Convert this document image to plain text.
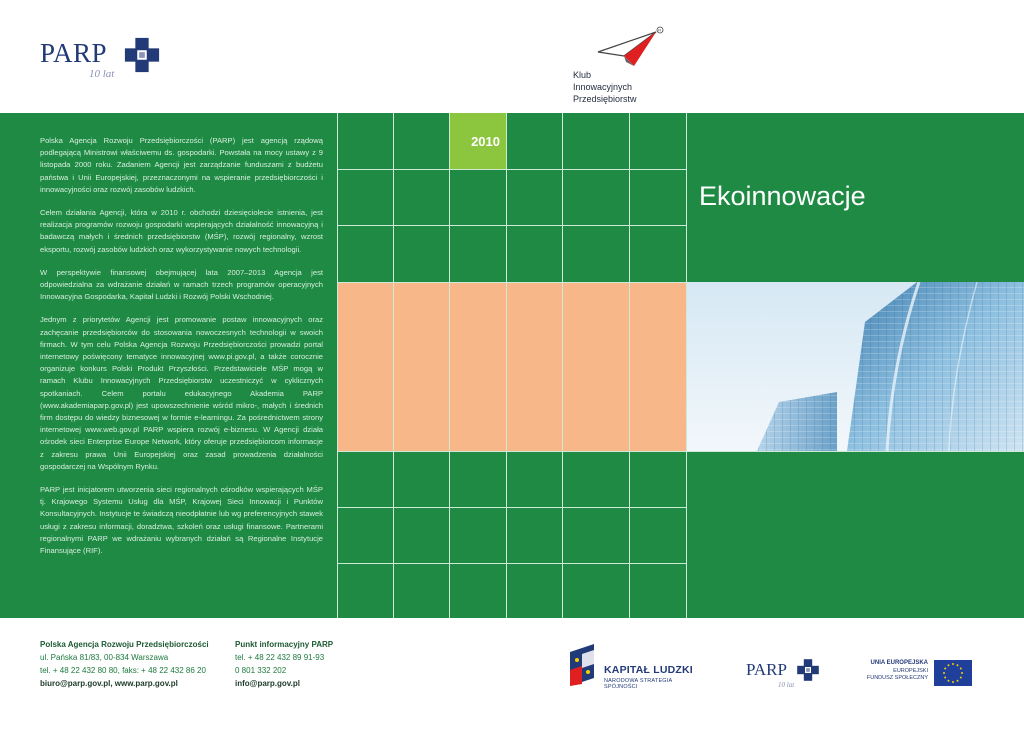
PARP
10 lat
R
Klub
Innowacyjnych
Przedsiębiorstw

Polska Agencja Rozwoju Przedsiębiorczości (PARP) jest agencją rządową podlegającą Ministrowi właściwemu ds. gospodarki. Powstała na mocy ustawy z 9 listopada 2000 roku. Zadaniem Agencji jest zarządzanie funduszami z budżetu państwa i Unii Europejskiej, przeznaczonymi na wspieranie przedsiębiorczości i innowacyjności oraz rozwój zasobów ludzkich.

Celem działania Agencji, która w 2010 r. obchodzi dziesięciolecie istnienia, jest realizacja programów rozwoju gospodarki wspierających działalność innowacyjną i badawczą małych i średnich przedsiębiorstw (MŚP), rozwój regionalny, wzrost eksportu, rozwój zasobów ludzkich oraz wykorzystywanie nowych technologii.

W perspektywie finansowej obejmującej lata 2007–2013 Agencja jest odpowiedzialna za wdrażanie działań w ramach trzech programów operacyjnych Innowacyjna Gospodarka, Kapitał Ludzki i Rozwój Polski Wschodniej.

Jednym z priorytetów Agencji jest promowanie postaw innowacyjnych oraz zachęcanie przedsiębiorców do stosowania nowoczesnych technologii w swoich firmach. W tym celu Polska Agencja Rozwoju Przedsiębiorczości prowadzi portal internetowy poświęcony tematyce innowacyjnej www.pi.gov.pl, a także corocznie organizuje konkurs Polski Produkt Przyszłości. Przedstawiciele MŚP mogą w ramach Klubu Innowacyjnych Przedsiębiorstw uczestniczyć w cyklicznych spotkaniach. Celem portalu edukacyjnego Akademia PARP (www.akademiaparp.gov.pl) jest upowszechnienie wśród mikro-, małych i średnich firm dostępu do wiedzy biznesowej w formie e-learningu. Za pośrednictwem strony internetowej www.web.gov.pl PARP wspiera rozwój e-biznesu. W Agencji działa ośrodek sieci Enterprise Europe Network, który oferuje przedsiębiorcom informacje z zakresu prawa Unii Europejskiej oraz zasad prowadzenia działalności gospodarczej na Wspólnym Rynku.

PARP jest inicjatorem utworzenia sieci regionalnych ośrodków wspierających MŚP tj. Krajowego Systemu Usług dla MŚP, Krajowej Sieci Innowacji i Punktów Konsultacyjnych. Instytucje te świadczą nieodpłatnie lub wg preferencyjnych stawek usługi z zakresu informacji, doradztwa, szkoleń oraz usługi finansowe. Partnerami regionalnymi PARP we wdrażaniu wybranych działań są Regionalne Instytucje Finansujące (RIF).

2010
Ekoinnowacje
Polska Agencja Rozwoju Przedsiębiorczości
ul. Pańska 81/83, 00-834 Warszawa
tel. + 48 22 432 80 80, faks: + 48 22 432 86 20
biuro@parp.gov.pl, www.parp.gov.pl
Punkt informacyjny PARP
tel. + 48 22 432 89 91-93
0 801 332 202
info@parp.gov.pl
KAPITAŁ LUDZKI
NARODOWA STRATEGIA SPÓJNOŚCI
PARP
10 lat
UNIA EUROPEJSKA
EUROPEJSKI
FUNDUSZ SPOŁECZNY
